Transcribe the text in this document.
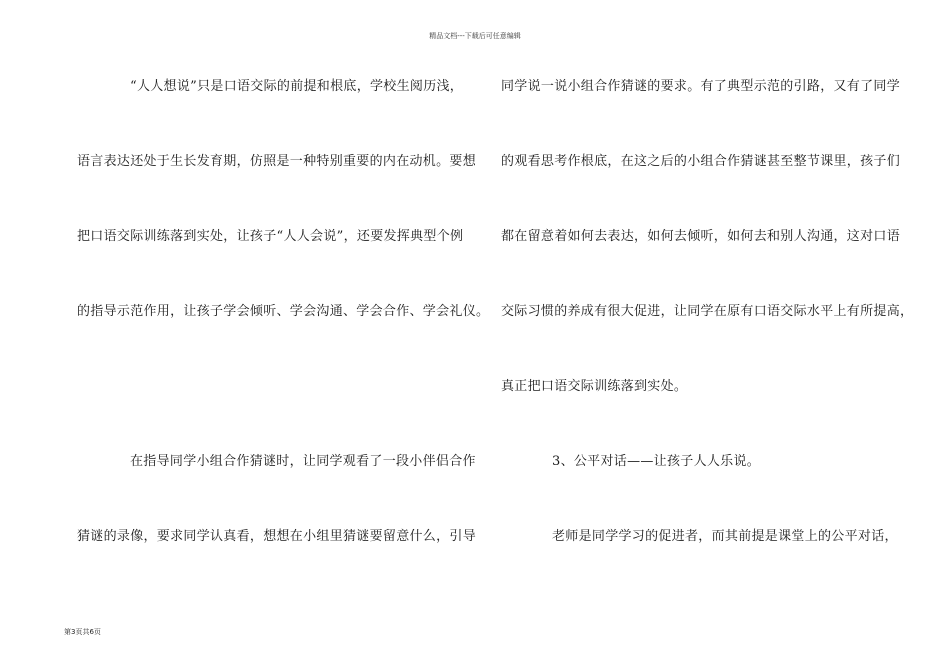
精品文档---下载后可任意编辑
“人人想说”只是口语交际的前提和根底，学校生阅历浅，
语言表达还处于生长发育期，仿照是一种特别重要的内在动机。要想
把口语交际训练落到实处，让孩子“人人会说”，还要发挥典型个例
的指导示范作用，让孩子学会倾听、学会沟通、学会合作、学会礼仪。
在指导同学小组合作猜谜时，让同学观看了一段小伴侣合作
猜谜的录像，要求同学认真看，想想在小组里猜谜要留意什么，引导
同学说一说小组合作猜谜的要求。有了典型示范的引路，又有了同学
的观看思考作根底，在这之后的小组合作猜谜甚至整节课里，孩子们
都在留意着如何去表达，如何去倾听，如何去和别人沟通，这对口语
交际习惯的养成有很大促进，让同学在原有口语交际水平上有所提高，
真正把口语交际训练落到实处。
3、公平对话——让孩子人人乐说。
老师是同学学习的促进者，而其前提是课堂上的公平对话，
第3页共6页
